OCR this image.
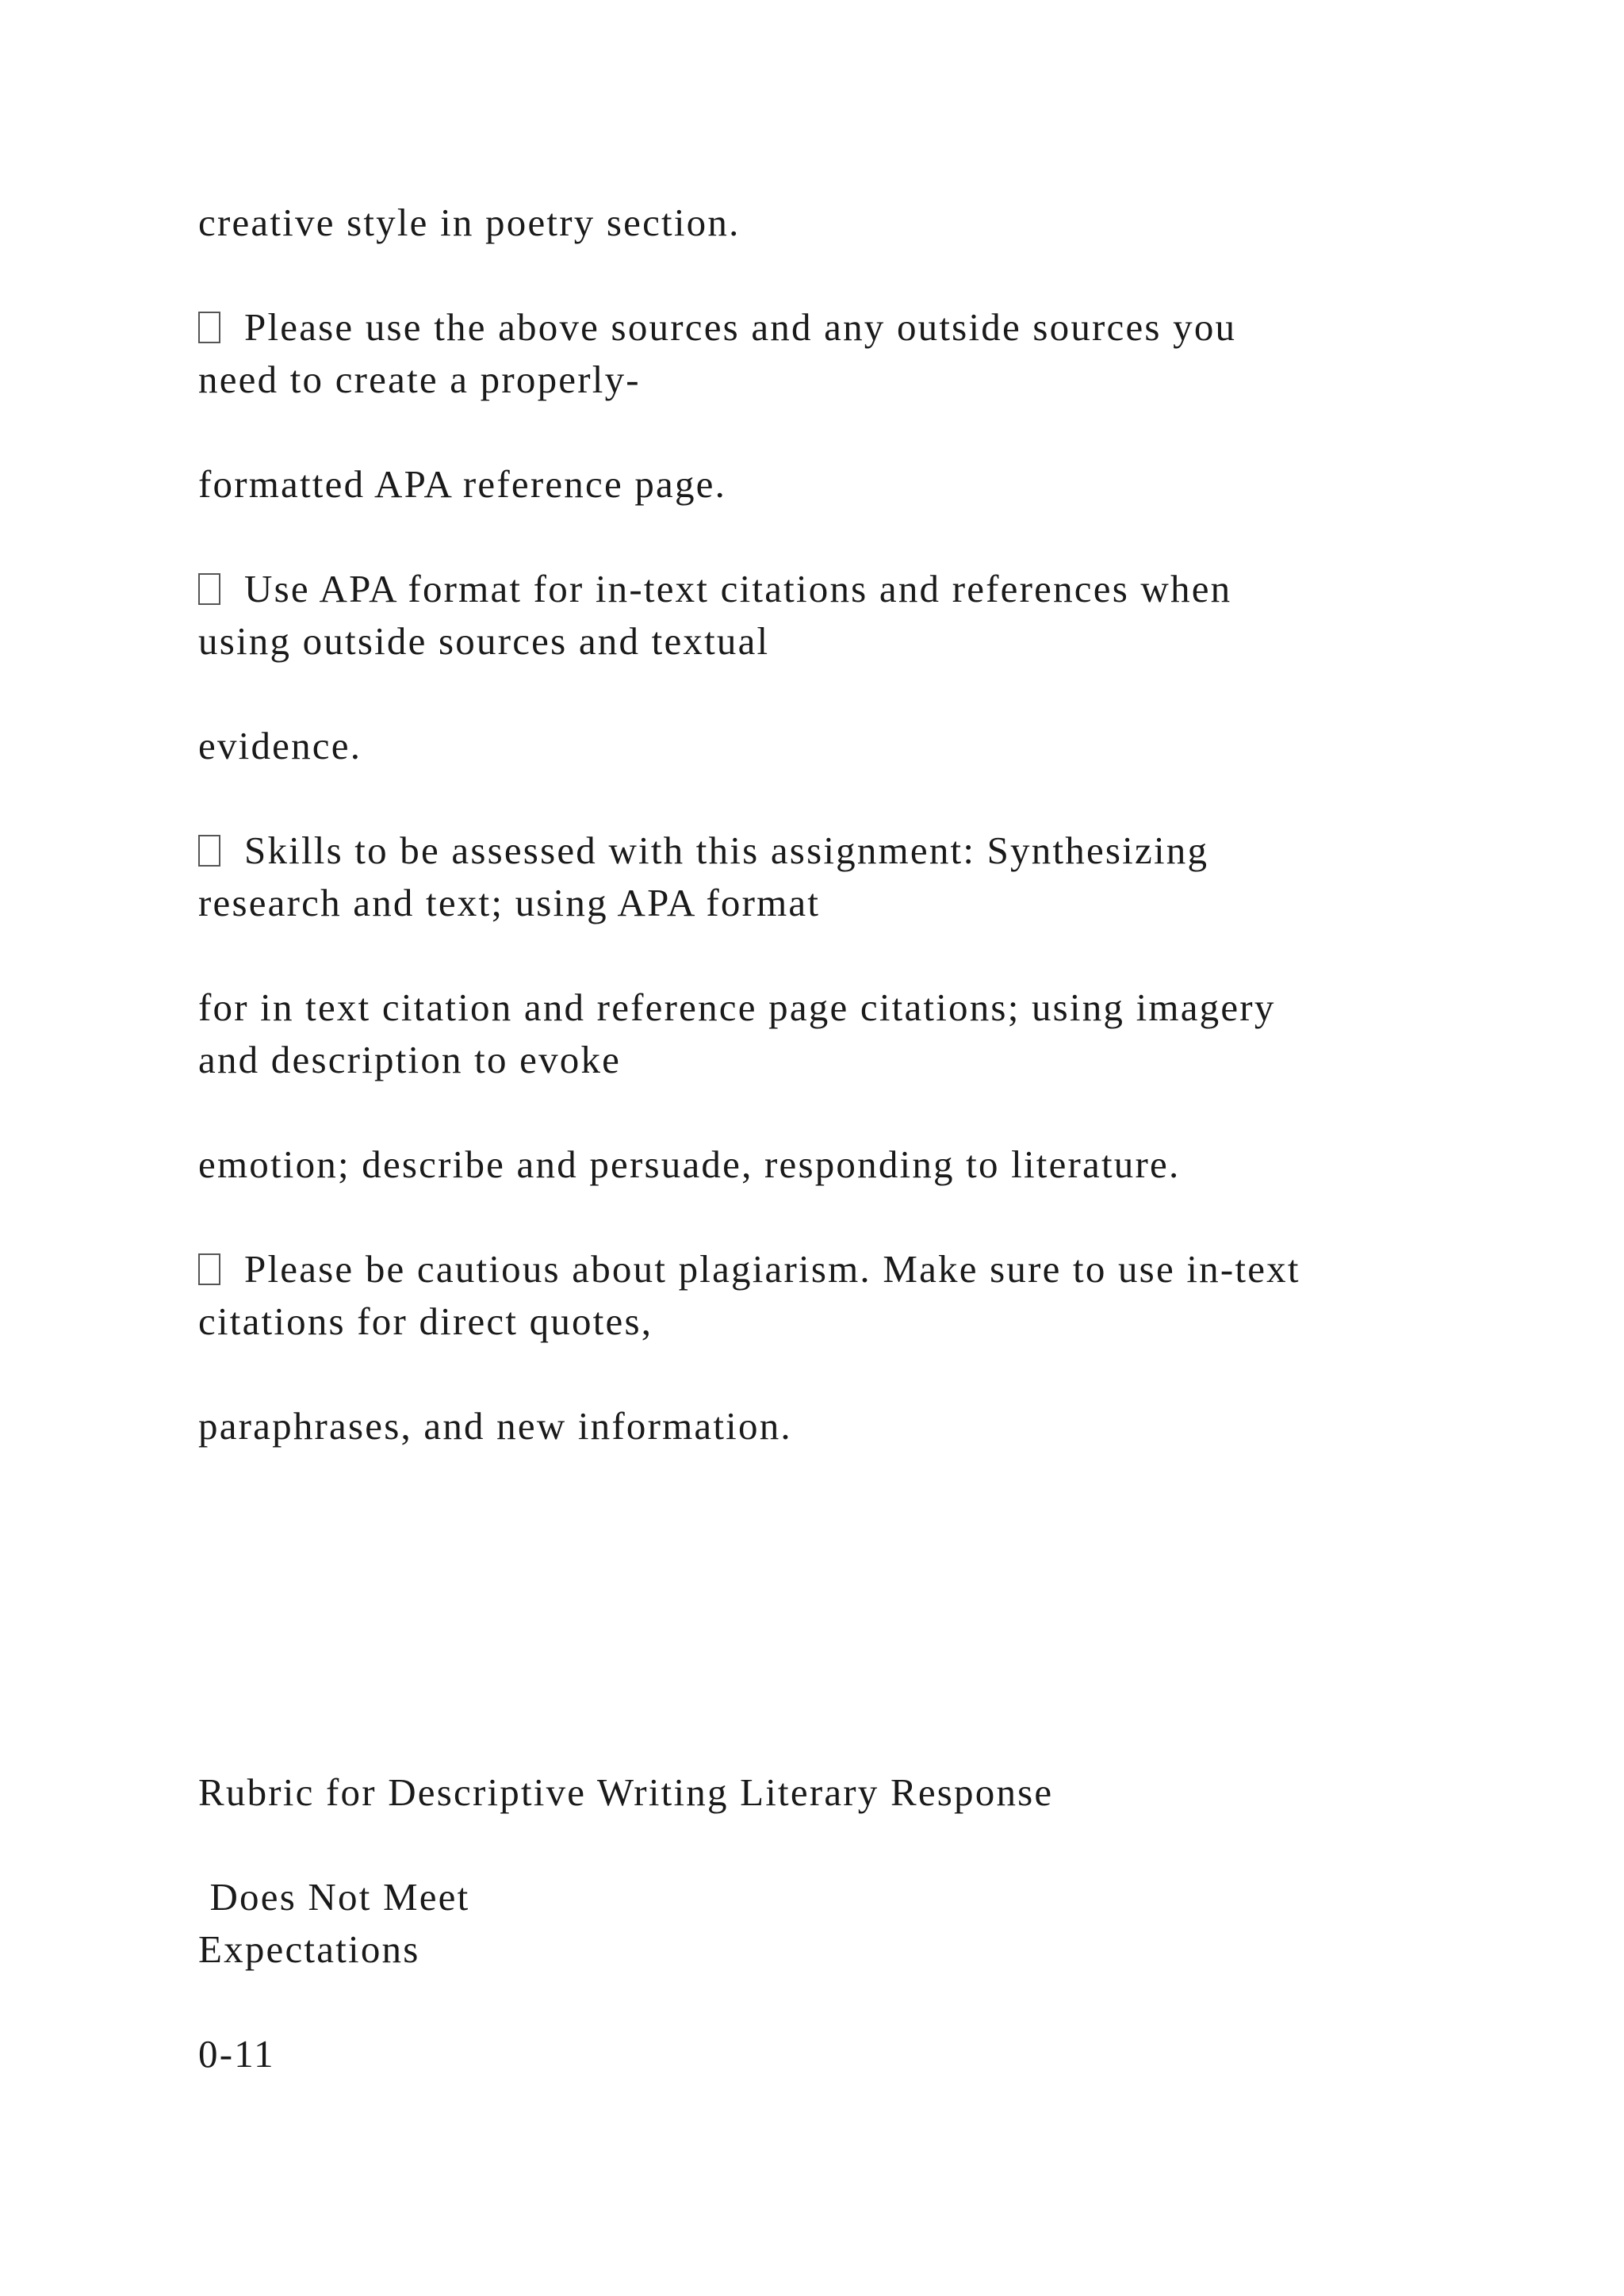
creative style in poetry section.

Please use the above sources and any outside sources you
need to create a properly-

formatted APA reference page.

Use APA format for in-text citations and references when
using outside sources and textual

evidence.

Skills to be assessed with this assignment: Synthesizing
research and text; using APA format

for in text citation and reference page citations; using imagery
and description to evoke

emotion; describe and persuade, responding to literature.

Please be cautious about plagiarism. Make sure to use in-text
citations for direct quotes,

paraphrases, and new information.

Rubric for Descriptive Writing Literary Response

Does Not Meet
Expectations

0-11
